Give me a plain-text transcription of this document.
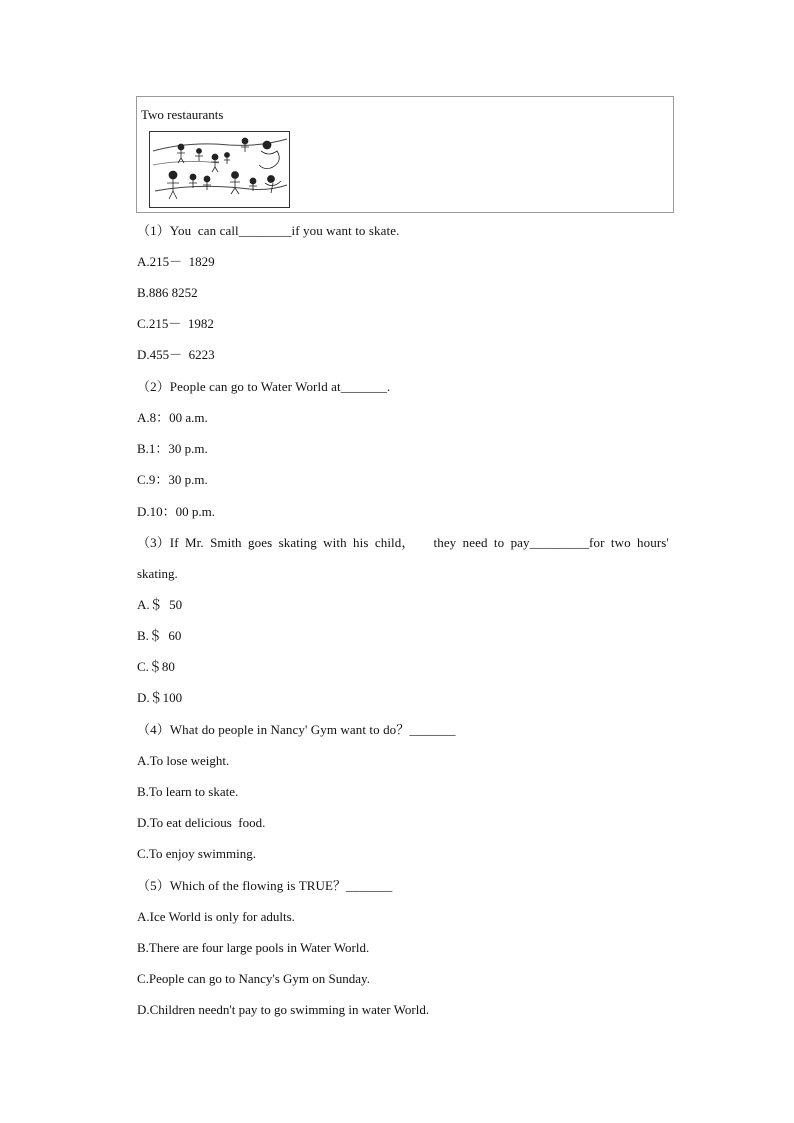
Two restaurants
（1）You  can call________if you want to skate.
A.215－  1829
B.886 8252
C.215－  1982
D.455－  6223
（2）People can go to Water World at_______.
A.8：00 a.m.
B.1：30 p.m.
C.9：30 p.m.
D.10：00 p.m.
（3）If Mr. Smith goes skating with his child，   they need to pay_________for two hours'
skating.
A.＄  50
B.＄  60
C.＄80
D.＄100
（4）What do people in Nancy' Gym want to do？_______
A.To lose weight.
B.To learn to skate.
D.To eat delicious  food.
C.To enjoy swimming.
（5）Which of the flowing is TRUE？_______
A.Ice World is only for adults.
B.There are four large pools in Water World.
C.People can go to Nancy's Gym on Sunday.
D.Children needn't pay to go swimming in water World.
